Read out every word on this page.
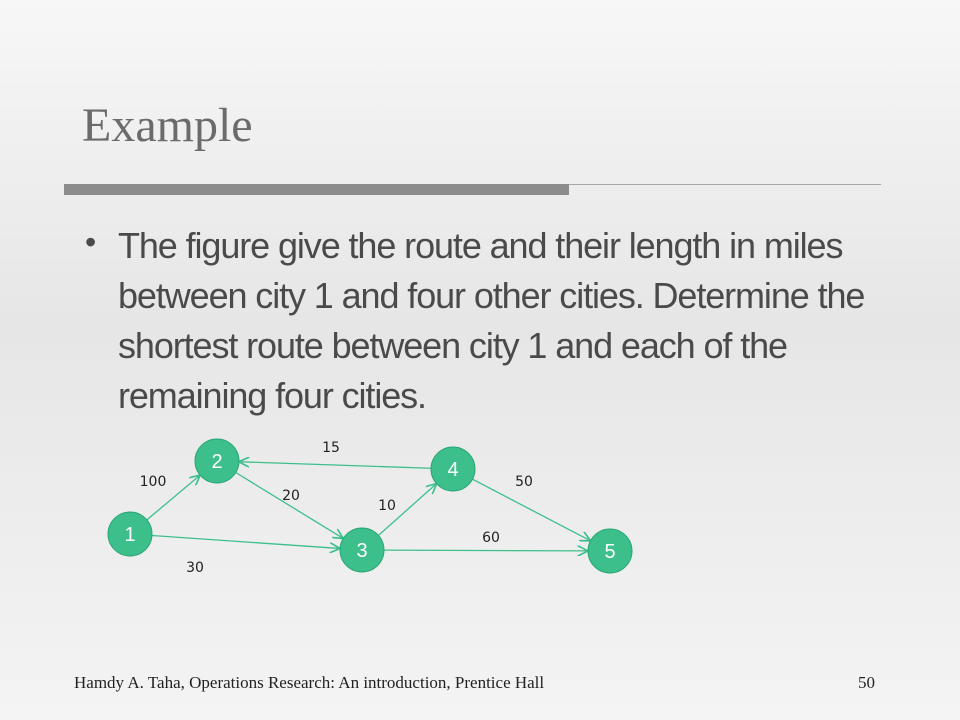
Example
• The figure give the route and their length in miles between city 1 and four other cities. Determine the shortest route between city 1 and each of the remaining four cities.

100
30
20
10
60
15
50
1
2
3
4
5
Hamdy A. Taha, Operations Research: An introduction, Prentice Hall	50
